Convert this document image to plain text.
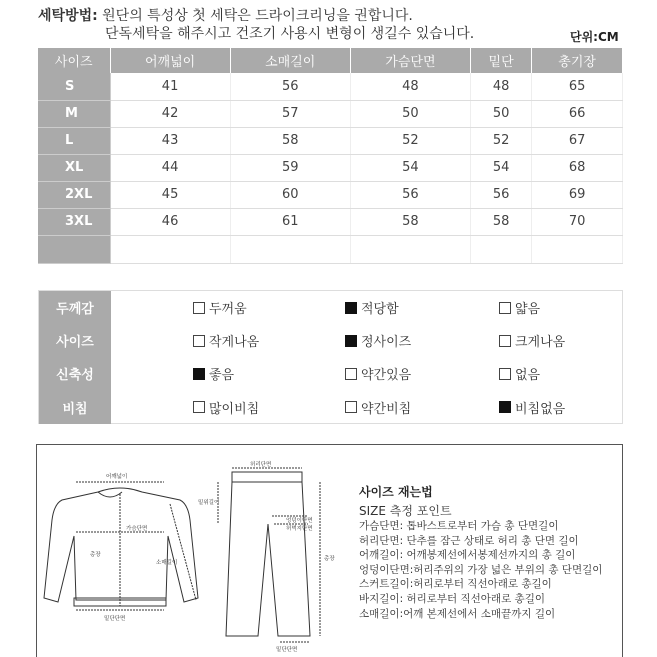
세탁방법: 원단의 특성상 첫 세탁은 드라이크리닝을 권합니다.
단독세탁을 해주시고 건조기 사용시 변형이 생길수 있습니다.	단위:CM
사이즈	어깨넓이	소매길이	가슴단면	밑단	총기장
S	41	56	48	48	65
M	42	57	50	50	66
L	43	58	52	52	67
XL	44	59	54	54	68
2XL	45	60	56	56	69
3XL	46	61	58	58	70

두께감	두꺼움	적당함	얇음
사이즈	작게나옴	정사이즈	크게나옴
신축성	좋음	약간있음	없음
비침	많이비침	약간비침	비침없음
어깨넓이
가슴단면
총장
소매길이
밑단단면
허리단면
밑위길이
엉덩이단면
허벅지단면
총장
밑단단면
사이즈 재는법
SIZE 측정 포인트
가슴단면: 톱바스트로부터 가슴 총 단면길이
허리단면: 단추를 잠근 상태로 허리 총 단면 길이
어깨길이: 어깨봉제선에서봉제선까지의 총 길이
엉덩이단면:허리주위의 가장 넓은 부위의 총 단면길이
스커트길이:허리로부터 직선아래로 총길이
바지길이: 허리로부터 직선아래로 총길이
소매길이:어깨 본제선에서 소매끝까지 길이
